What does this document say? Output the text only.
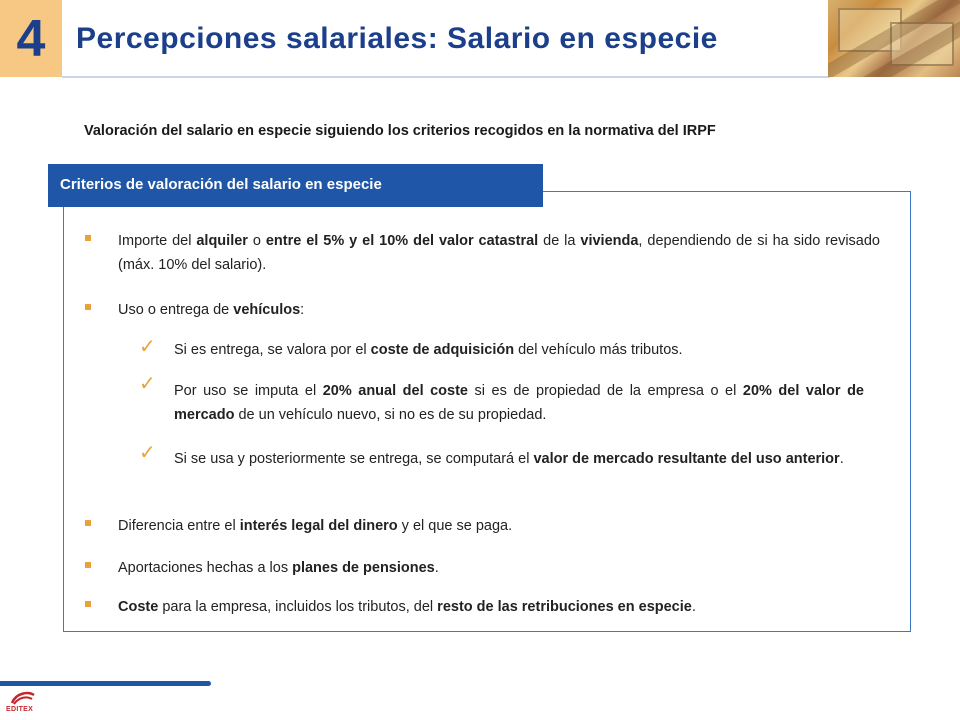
4	Percepciones salariales: Salario en especie
Valoración del salario en especie siguiendo los criterios recogidos en la normativa del IRPF
Criterios de valoración del salario en especie
Importe del alquiler o entre el 5% y el 10% del valor catastral de la vivienda, dependiendo de si ha sido revisado (máx. 10% del salario).
Uso o entrega de vehículos:
✓ Si es entrega, se valora por el coste de adquisición del vehículo más tributos.
✓ Por uso se imputa el 20% anual del coste si es de propiedad de la empresa o el 20% del valor de mercado de un vehículo nuevo, si no es de su propiedad.
✓ Si se usa y posteriormente se entrega, se computará el valor de mercado resultante del uso anterior.
Diferencia entre el interés legal del dinero y el que se paga.
Aportaciones hechas a los planes de pensiones.
Coste para la empresa, incluidos los tributos, del resto de las retribuciones en especie.
EDITEX
